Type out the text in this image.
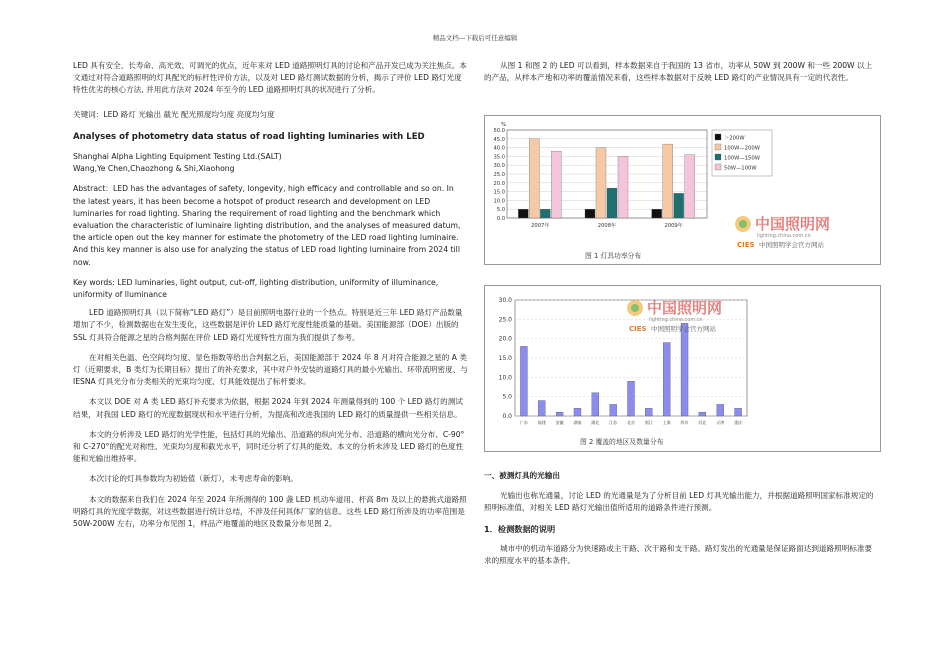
精品文档---下载后可任意编辑

LED 具有安全、长寿命、高光效、可调光的优点，近年来对 LED 道路照明灯具的讨论和产品开发已成为关注焦点。本文通过对符合道路照明的灯具配光的标杆性评价方法，以及对 LED 路灯测试数据的分析，揭示了评价 LED 路灯光度特性优劣的核心方法, 并用此方法对 2024 年至今的 LED 道路照明灯具的状况进行了分析。

关键词：LED 路灯 光输出 截光 配光照度均匀度 亮度均匀度

Analyses of photometry data status of road lighting luminaries with LED

Shanghai Alpha Lighting Equipment Testing Ltd.(SALT)

Wang,Ye Chen,Chaozhong & Shi,Xiaohong

Abstract：LED has the advantages of safety, longevity, high efficacy and controllable and so on. In the latest years, it has been become a hotspot of product research and development on LED luminaries for road lighting. Sharing the requirement of road lighting and the benchmark which evaluation the characteristic of luminaire lighting distribution, and the analyses of measured datum, the article open out the key manner for estimate the photometry of the LED road lighting luminaire. And this key manner is also use for analyzing the status of LED road lighting luminaire from 2024 till now.

Key words: LED luminaries, light output, cut-off, lighting distribution, uniformity of illuminance, uniformity of lluminance

LED 道路照明灯具（以下简称“LED 路灯”）是目前照明电器行业的一个热点。特别是近三年 LED 路灯产品数量增加了不少，检测数据也在发生变化，这些数据是评价 LED 路灯光度性能质量的基础。美国能源部（DOE）出版的 SSL 灯具符合能源之星的合格判据在评价 LED 路灯光度特性方面为我们提供了参考。

在对相关色温、色空间均匀度、显色指数等给出合判据之后，美国能源部于 2024 年 8 月对符合能源之星的 A 类灯（近期要求，B 类灯为长期目标）提出了的补充要求，其中对户外安装的道路灯具的最小光输出、环带流明密度、与 IESNA 灯具光分布分类相关的光束均匀度、灯具能效提出了标杆要求。

本文以 DOE 对 A 类 LED 路灯补充要求为依据，根据 2024 年到 2024 年测量得到的 100 个 LED 路灯的测试结果，对我国 LED 路灯的光度数据现状和水平进行分析，为提高和改进我国的 LED 路灯的质量提供一些相关信息。

本文的分析涉及 LED 路灯的光学性能，包括灯具的光输出、沿道路的纵向光分布、沿道路的横向光分布、C-90°和 C-270°的配光对称性、光束均匀度和截光水平，同时还分析了灯具的能效。本文的分析未涉及 LED 路灯的色度性能和光输出维持率。

本次讨论的灯具参数均为初始值（新灯），未考虑寿命的影响。

本文的数据来自我们在 2024 年至 2024 年所测得的 100 盏 LED 机动车道用、杆高 8m 及以上的悬挑式道路照明路灯具的光度学数据，对这些数据进行统计总结，不涉及任何具体厂家的信息。这些 LED 路灯所涉及的功率范围是 50W-200W 左右，功率分布见图 1，样品产地覆盖的地区及数量分布见图 2。

从图 1 和图 2 的 LED 可以看到，样本数据来自于我国的 13 省市，功率从 50W 到 200W 和一些 200W 以上的产品，从样本产地和功率的覆盖情况来看，这些样本数据对于反映 LED 路灯的产业情况具有一定的代表性。

%
0.0
5.0
10.0
15.0
20.0
25.0
30.0
35.0
40.0
45.0
50.0
2007年	2008年	2009年
＞200W
100W—200W
100W—150W
50W—100W
中国照明网
lighting.china.com.cn
CIES 中国照明学会官方网站
图 1 灯具功率分布
0.0
5.0
10.0
15.0
20.0
25.0
30.0
广东 福建 安徽 湖南 湖北 江苏 北京 浙江 上海 四川 河北 天津 重庆
中国照明网
lighting.china.com.cn
CIES 中国照明学会官方网站
图 2 覆盖的地区及数量分布

一、被测灯具的光输出

光输出也称光通量，讨论 LED 的光通量是为了分析目前 LED 灯具光输出能力，并根据道路照明国家标准规定的照明标准值，对相关 LED 路灯光输出值所适用的道路条件进行预测。

1．检测数据的说明

城市中的机动车道路分为快速路或主干路、次干路和支干路。路灯发出的光通量是保证路面达到道路照明标准要求的照度水平的基本条件。
